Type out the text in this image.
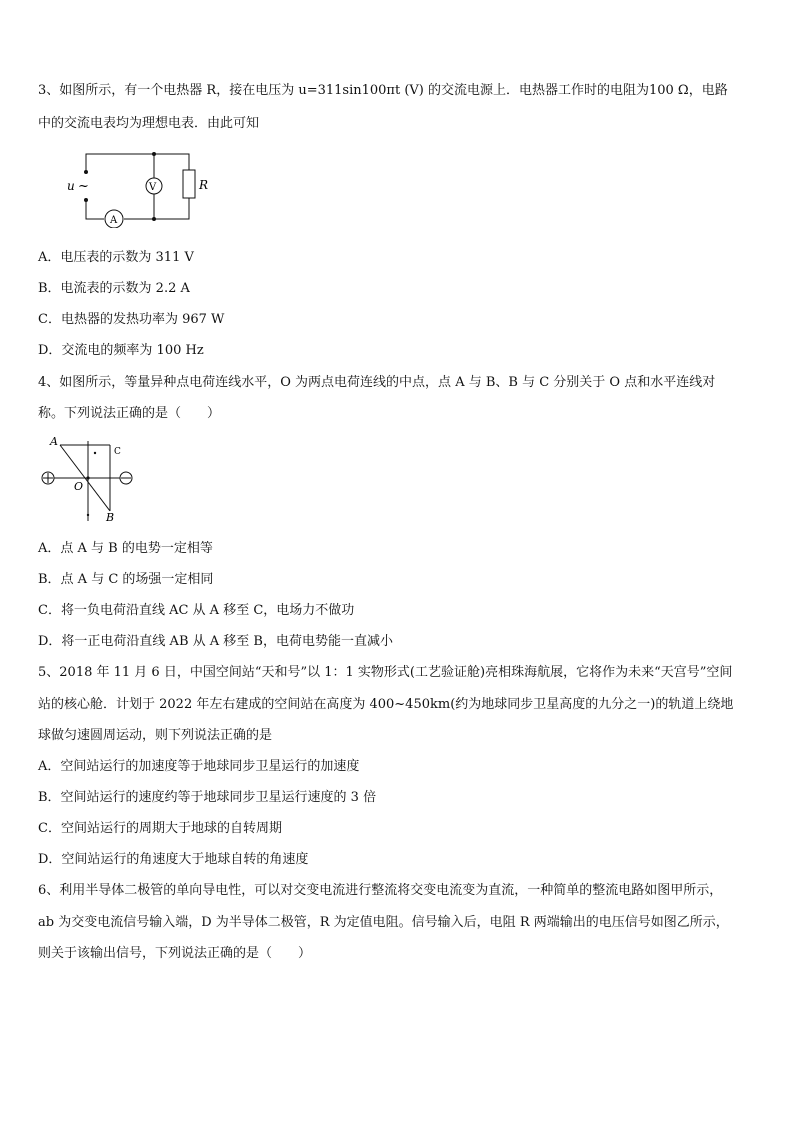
3、如图所示，有一个电热器 R，接在电压为 u=311sin100πt (V) 的交流电源上．电热器工作时的电阻为100 Ω，电路
中的交流电表均为理想电表．由此可知
u ~	V	R
A
A．电压表的示数为 311 V
B．电流表的示数为 2.2 A
C．电热器的发热功率为 967 W
D．交流电的频率为 100 Hz
4、如图所示，等量异种点电荷连线水平，O 为两点电荷连线的中点，点 A 与 B、B 与 C 分别关于 O 点和水平连线对
称。下列说法正确的是（　　）
A
C
O
B
A．点 A 与 B 的电势一定相等
B．点 A 与 C 的场强一定相同
C．将一负电荷沿直线 AC 从 A 移至 C，电场力不做功
D．将一正电荷沿直线 AB 从 A 移至 B，电荷电势能一直减小
5、2018 年 11 月 6 日，中国空间站“天和号”以 1：1 实物形式(工艺验证舱)亮相珠海航展，它将作为未来“天宫号”空间
站的核心舱．计划于 2022 年左右建成的空间站在高度为 400~450km(约为地球同步卫星高度的九分之一)的轨道上绕地
球做匀速圆周运动，则下列说法正确的是
A．空间站运行的加速度等于地球同步卫星运行的加速度
B．空间站运行的速度约等于地球同步卫星运行速度的 3 倍
C．空间站运行的周期大于地球的自转周期
D．空间站运行的角速度大于地球自转的角速度
6、利用半导体二极管的单向导电性，可以对交变电流进行整流将交变电流变为直流，一种简单的整流电路如图甲所示，
ab 为交变电流信号输入端，D 为半导体二极管，R 为定值电阻。信号输入后，电阻 R 两端输出的电压信号如图乙所示，
则关于该输出信号，下列说法正确的是（　　）
